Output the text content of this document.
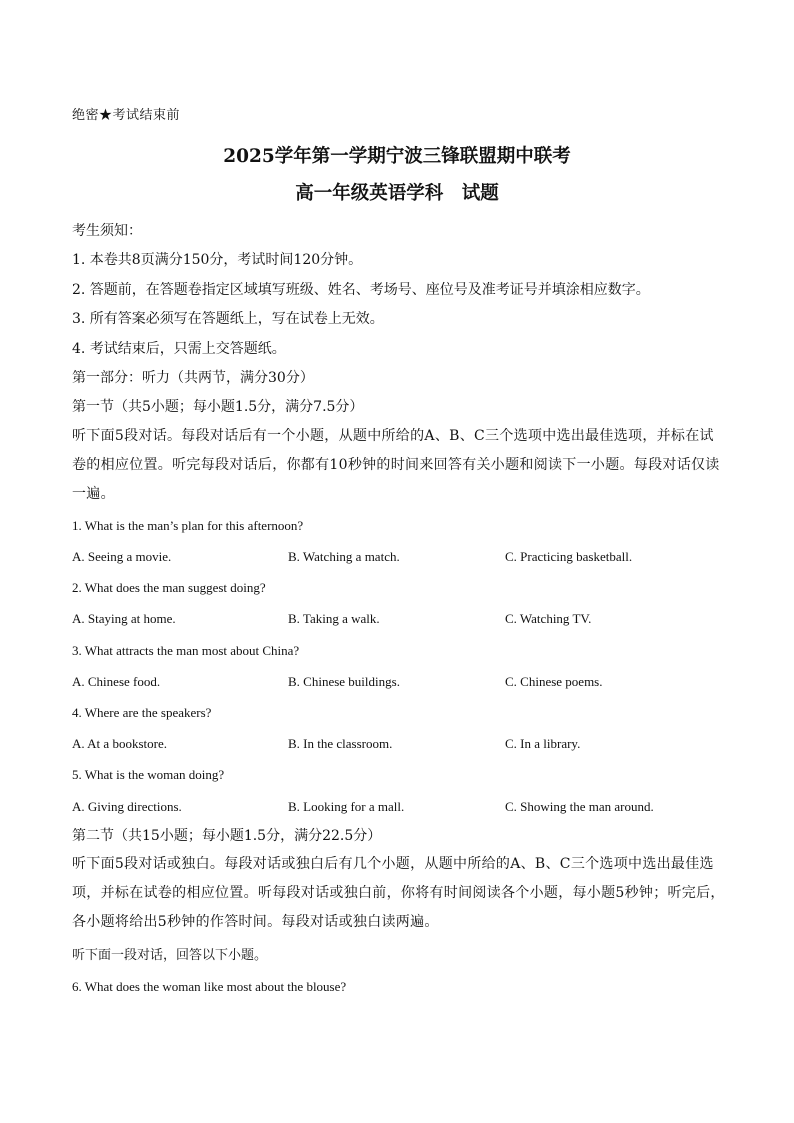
绝密★考试结束前
2025学年第一学期宁波三锋联盟期中联考
高一年级英语学科　试题
考生须知：
1. 本卷共8页满分150分，考试时间120分钟。
2. 答题前，在答题卷指定区域填写班级、姓名、考场号、座位号及准考证号并填涂相应数字。
3. 所有答案必须写在答题纸上，写在试卷上无效。
4. 考试结束后，只需上交答题纸。
第一部分：听力（共两节，满分30分）
第一节（共5小题；每小题1.5分，满分7.5分）
听下面5段对话。每段对话后有一个小题，从题中所给的A、B、C三个选项中选出最佳选项，并标在试卷的相应位置。听完每段对话后，你都有10秒钟的时间来回答有关小题和阅读下一小题。每段对话仅读一遍。
1. What is the man’s plan for this afternoon?
A. Seeing a movie.	B. Watching a match.	C. Practicing basketball.
2. What does the man suggest doing?
A. Staying at home.	B. Taking a walk.	C. Watching TV.
3. What attracts the man most about China?
A. Chinese food.	B. Chinese buildings.	C. Chinese poems.
4. Where are the speakers?
A. At a bookstore.	B. In the classroom.	C. In a library.
5. What is the woman doing?
A. Giving directions.	B. Looking for a mall.	C. Showing the man around.
第二节（共15小题；每小题1.5分，满分22.5分）
听下面5段对话或独白。每段对话或独白后有几个小题，从题中所给的A、B、C三个选项中选出最佳选项，并标在试卷的相应位置。听每段对话或独白前，你将有时间阅读各个小题，每小题5秒钟；听完后，各小题将给出5秒钟的作答时间。每段对话或独白读两遍。
听下面一段对话，回答以下小题。
6. What does the woman like most about the blouse?
